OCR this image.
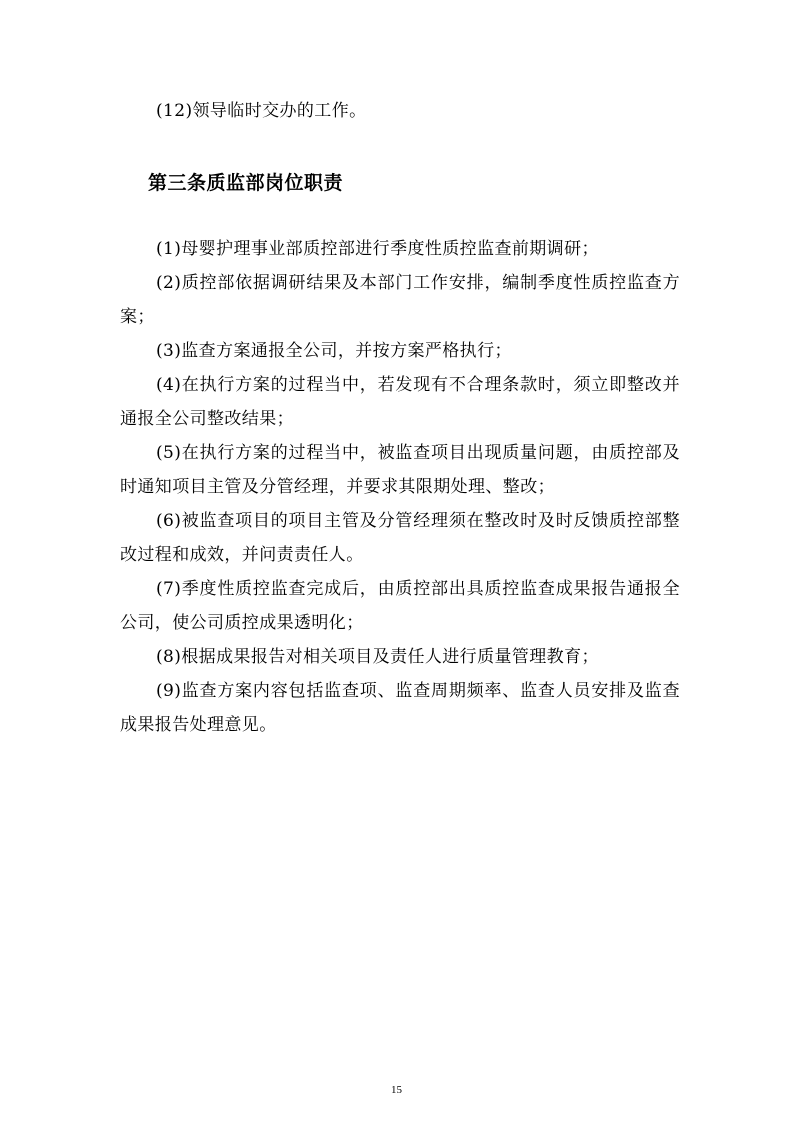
(12)领导临时交办的工作。

第三条质监部岗位职责

(1)母婴护理事业部质控部进行季度性质控监查前期调研；

(2)质控部依据调研结果及本部门工作安排，编制季度性质控监查方案；

(3)监查方案通报全公司，并按方案严格执行；

(4)在执行方案的过程当中，若发现有不合理条款时，须立即整改并通报全公司整改结果；

(5)在执行方案的过程当中，被监查项目出现质量问题，由质控部及时通知项目主管及分管经理，并要求其限期处理、整改；

(6)被监查项目的项目主管及分管经理须在整改时及时反馈质控部整改过程和成效，并问责责任人。

(7)季度性质控监查完成后，由质控部出具质控监查成果报告通报全公司，使公司质控成果透明化；

(8)根据成果报告对相关项目及责任人进行质量管理教育；

(9)监查方案内容包括监查项、监查周期频率、监查人员安排及监查成果报告处理意见。

15
